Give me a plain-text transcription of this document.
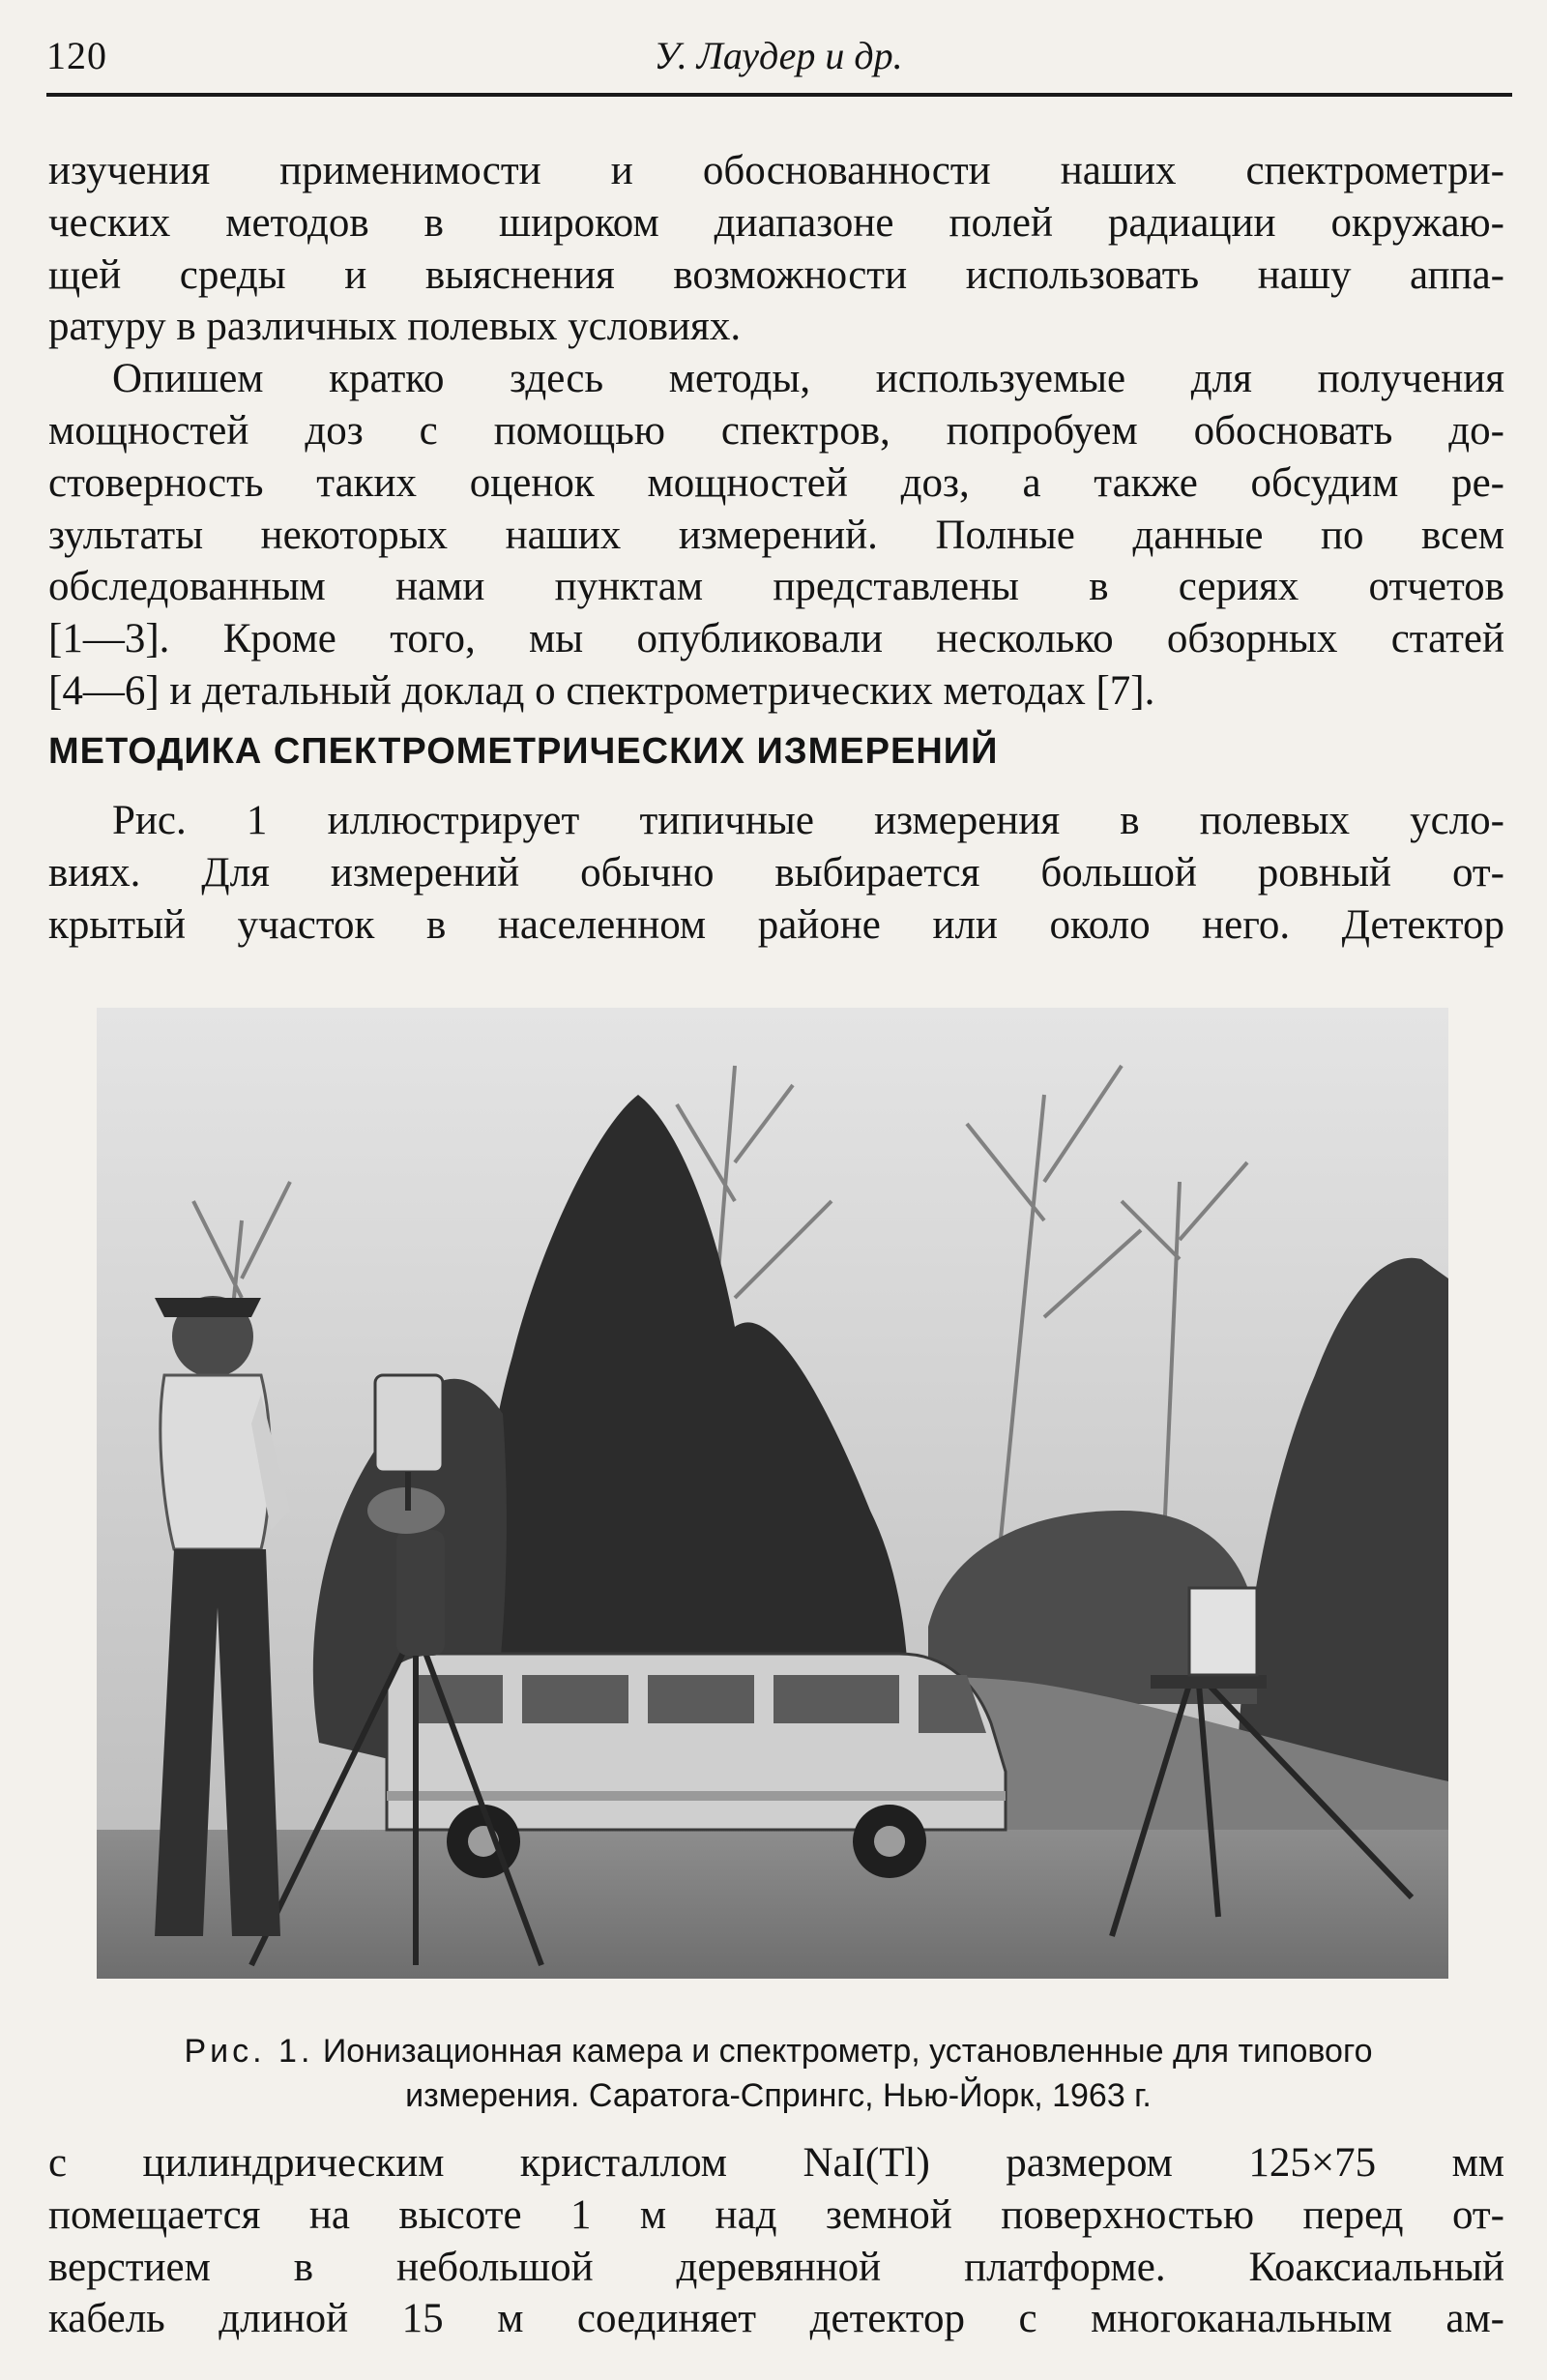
120	У. Лаудер и др.
изучения применимости и обоснованности наших спектрометри-
ческих методов в широком диапазоне полей радиации окружаю-
щей среды и выяснения возможности использовать нашу аппа-
ратуру в различных полевых условиях.
Опишем кратко здесь методы, используемые для получения
мощностей доз с помощью спектров, попробуем обосновать до-
стоверность таких оценок мощностей доз, а также обсудим ре-
зультаты некоторых наших измерений. Полные данные по всем
обследованным нами пунктам представлены в сериях отчетов
[1—3]. Кроме того, мы опубликовали несколько обзорных статей
[4—6] и детальный доклад о спектрометрических методах [7].
МЕТОДИКА СПЕКТРОМЕТРИЧЕСКИХ ИЗМЕРЕНИЙ
Рис. 1 иллюстрирует типичные измерения в полевых усло-
виях. Для измерений обычно выбирается большой ровный от-
крытый участок в населенном районе или около него. Детектор
Рис. 1. Ионизационная камера и спектрометр, установленные для типового
измерения. Саратога-Спрингс, Нью-Йорк, 1963 г.
с цилиндрическим кристаллом NaI(Tl) размером 125×75 мм
помещается на высоте 1 м над земной поверхностью перед от-
верстием в небольшой деревянной платформе. Коаксиальный
кабель длиной 15 м соединяет детектор с многоканальным ам-
